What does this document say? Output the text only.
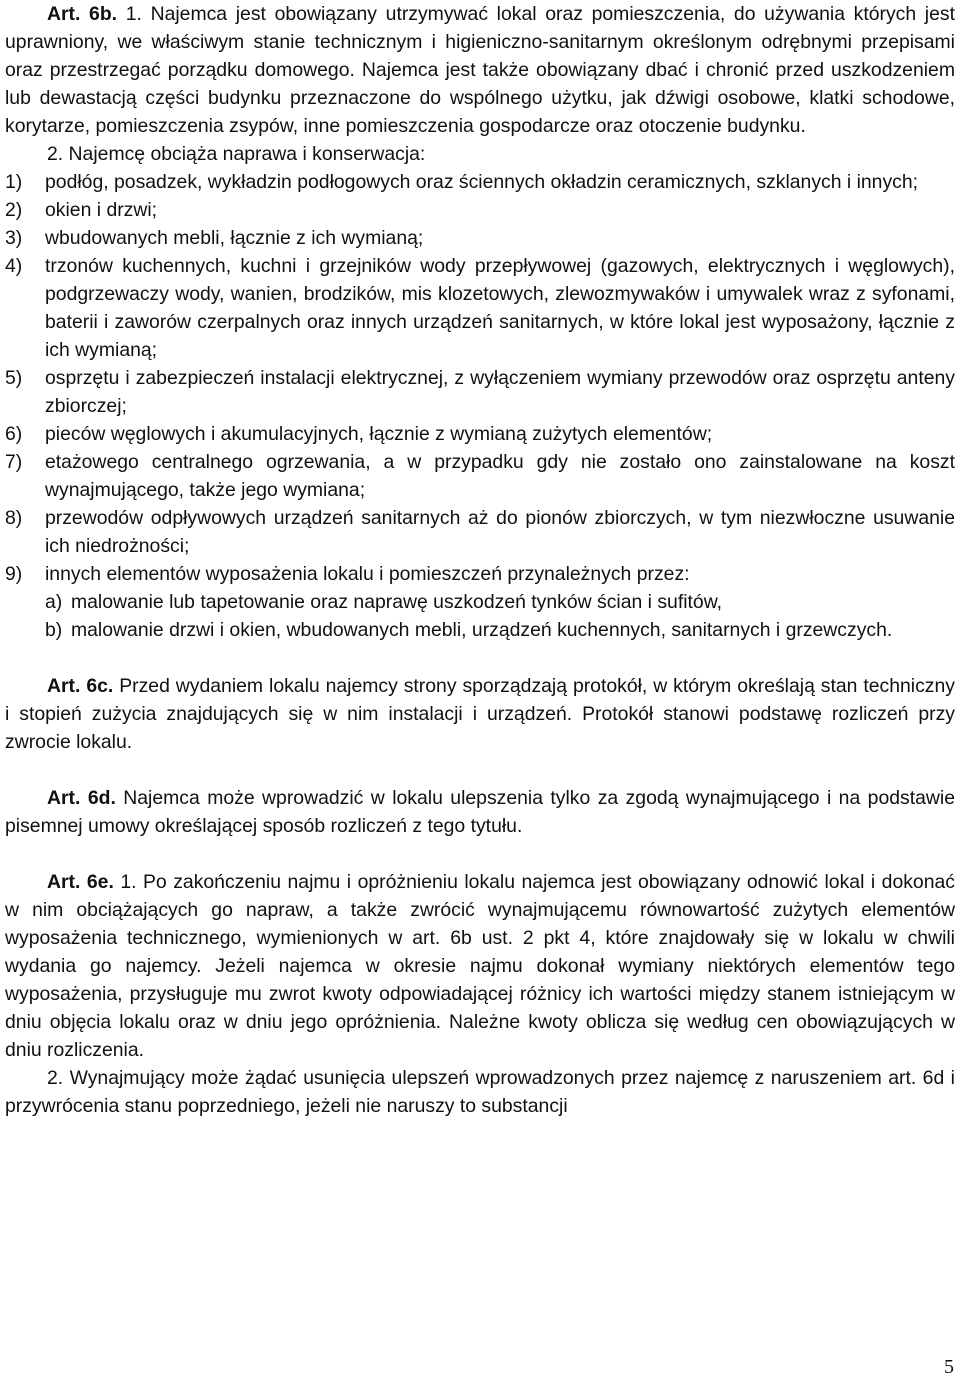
Art. 6b. 1. Najemca jest obowiązany utrzymywać lokal oraz pomieszczenia, do używania których jest uprawniony, we właściwym stanie technicznym i higieniczno-sanitarnym określonym odrębnymi przepisami oraz przestrzegać porządku domowego. Najemca jest także obowiązany dbać i chronić przed uszkodzeniem lub dewastacją części budynku przeznaczone do wspólnego użytku, jak dźwigi osobowe, klatki schodowe, korytarze, pomieszczenia zsypów, inne pomieszczenia gospodarcze oraz otoczenie budynku.

2. Najemcę obciąża naprawa i konserwacja:

1)	podłóg, posadzek, wykładzin podłogowych oraz ściennych okładzin ceramicznych, szklanych i innych;
2)	okien i drzwi;
3)	wbudowanych mebli, łącznie z ich wymianą;
4)	trzonów kuchennych, kuchni i grzejników wody przepływowej (gazowych, elektrycznych i węglowych), podgrzewaczy wody, wanien, brodzików, mis klozetowych, zlewozmywaków i umywalek wraz z syfonami, baterii i zaworów czerpalnych oraz innych urządzeń sanitarnych, w które lokal jest wyposażony, łącznie z ich wymianą;
5)	osprzętu i zabezpieczeń instalacji elektrycznej, z wyłączeniem wymiany przewodów oraz osprzętu anteny zbiorczej;
6)	pieców węglowych i akumulacyjnych, łącznie z wymianą zużytych elementów;
7)	etażowego centralnego ogrzewania, a w przypadku gdy nie zostało ono zainstalowane na koszt wynajmującego, także jego wymiana;
8)	przewodów odpływowych urządzeń sanitarnych aż do pionów zbiorczych, w tym niezwłoczne usuwanie ich niedrożności;
9)	innych elementów wyposażenia lokalu i pomieszczeń przynależnych przez:
a) malowanie lub tapetowanie oraz naprawę uszkodzeń tynków ścian i sufitów,
b) malowanie drzwi i okien, wbudowanych mebli, urządzeń kuchennych, sanitarnych i grzewczych.

Art. 6c. Przed wydaniem lokalu najemcy strony sporządzają protokół, w którym określają stan techniczny i stopień zużycia znajdujących się w nim instalacji i urządzeń. Protokół stanowi podstawę rozliczeń przy zwrocie lokalu.

Art. 6d. Najemca może wprowadzić w lokalu ulepszenia tylko za zgodą wynajmującego i na podstawie pisemnej umowy określającej sposób rozliczeń z tego tytułu.

Art. 6e. 1. Po zakończeniu najmu i opróżnieniu lokalu najemca jest obowiązany odnowić lokal i dokonać w nim obciążających go napraw, a także zwrócić wynajmującemu równowartość zużytych elementów wyposażenia technicznego, wymienionych w art. 6b ust. 2 pkt 4, które znajdowały się w lokalu w chwili wydania go najemcy. Jeżeli najemca w okresie najmu dokonał wymiany niektórych elementów tego wyposażenia, przysługuje mu zwrot kwoty odpowiadającej różnicy ich wartości między stanem istniejącym w dniu objęcia lokalu oraz w dniu jego opróżnienia. Należne kwoty oblicza się według cen obowiązujących w dniu rozliczenia.

2. Wynajmujący może żądać usunięcia ulepszeń wprowadzonych przez najemcę z naruszeniem art. 6d i przywrócenia stanu poprzedniego, jeżeli nie naruszy to substancji

5
